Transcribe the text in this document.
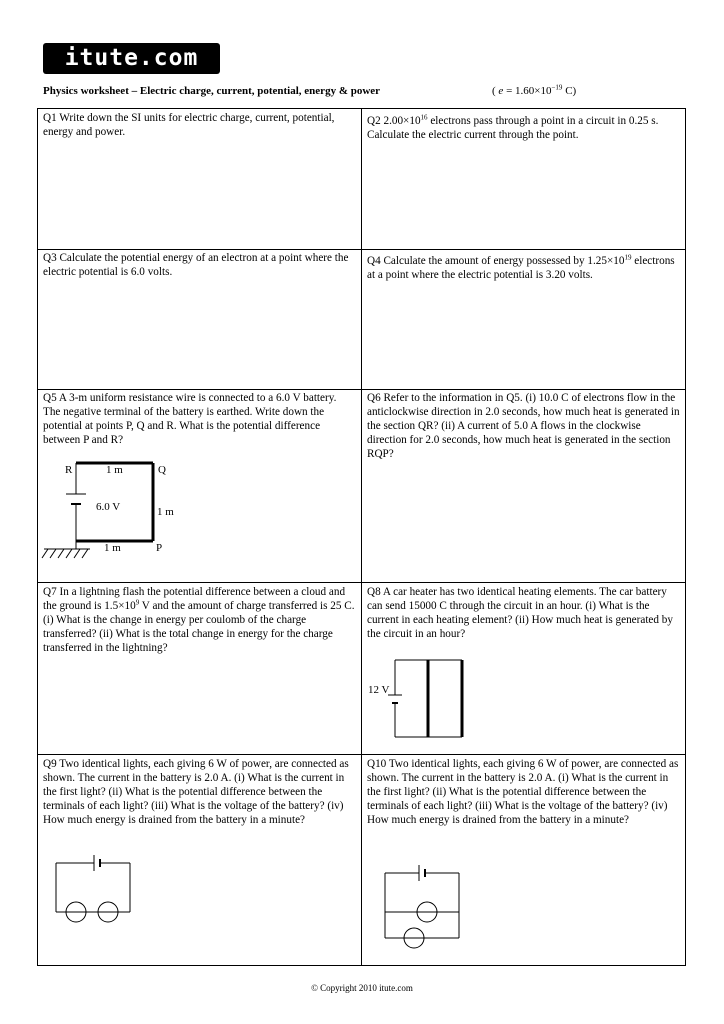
itute.com
Physics worksheet – Electric charge, current, potential, energy & power	( $e = 1.60\times 10^{-19}$ C)
Q1 Write down the SI units for electric charge, current, potential, energy and power.
Q2 $2.00\times 10^{16}$ electrons pass through a point in a circuit in 0.25 s. Calculate the electric current through the point.
Q3 Calculate the potential energy of an electron at a point where the electric potential is 6.0 volts.
Q4 Calculate the amount of energy possessed by $1.25\times 10^{19}$ electrons at a point where the electric potential is 3.20 volts.
Q5 A 3-m uniform resistance wire is connected to a 6.0 V battery. The negative terminal of the battery is earthed. Write down the potential at points P, Q and R. What is the potential difference between P and R?
Q6 Refer to the information in Q5. (i) 10.0 C of electrons flow in the anticlockwise direction in 2.0 seconds, how much heat is generated in the section QR? (ii) A current of 5.0 A flows in the clockwise direction for 2.0 seconds, how much heat is generated in the section RQP?
R	Q
1 m
6.0 V	1 m
1 m	P
Q7 In a lightning flash the potential difference between a cloud and the ground is $1.5\times 10^9$ V and the amount of charge transferred is 25 C. (i) What is the change in energy per coulomb of the charge transferred? (ii) What is the total change in energy for the charge transferred in the lightning?
Q8 A car heater has two identical heating elements. The car battery can send 15000 C through the circuit in an hour. (i) What is the current in each heating element? (ii) How much heat is generated by the circuit in an hour?
12 V
Q9 Two identical lights, each giving 6 W of power, are connected as shown. The current in the battery is 2.0 A. (i) What is the current in the first light? (ii) What is the potential difference between the terminals of each light? (iii) What is the voltage of the battery? (iv) How much energy is drained from the battery in a minute?
Q10 Two identical lights, each giving 6 W of power, are connected as shown. The current in the battery is 2.0 A. (i) What is the current in the first light? (ii) What is the potential difference between the terminals of each light? (iii) What is the voltage of the battery? (iv) How much energy is drained from the battery in a minute?
© Copyright 2010 itute.com
